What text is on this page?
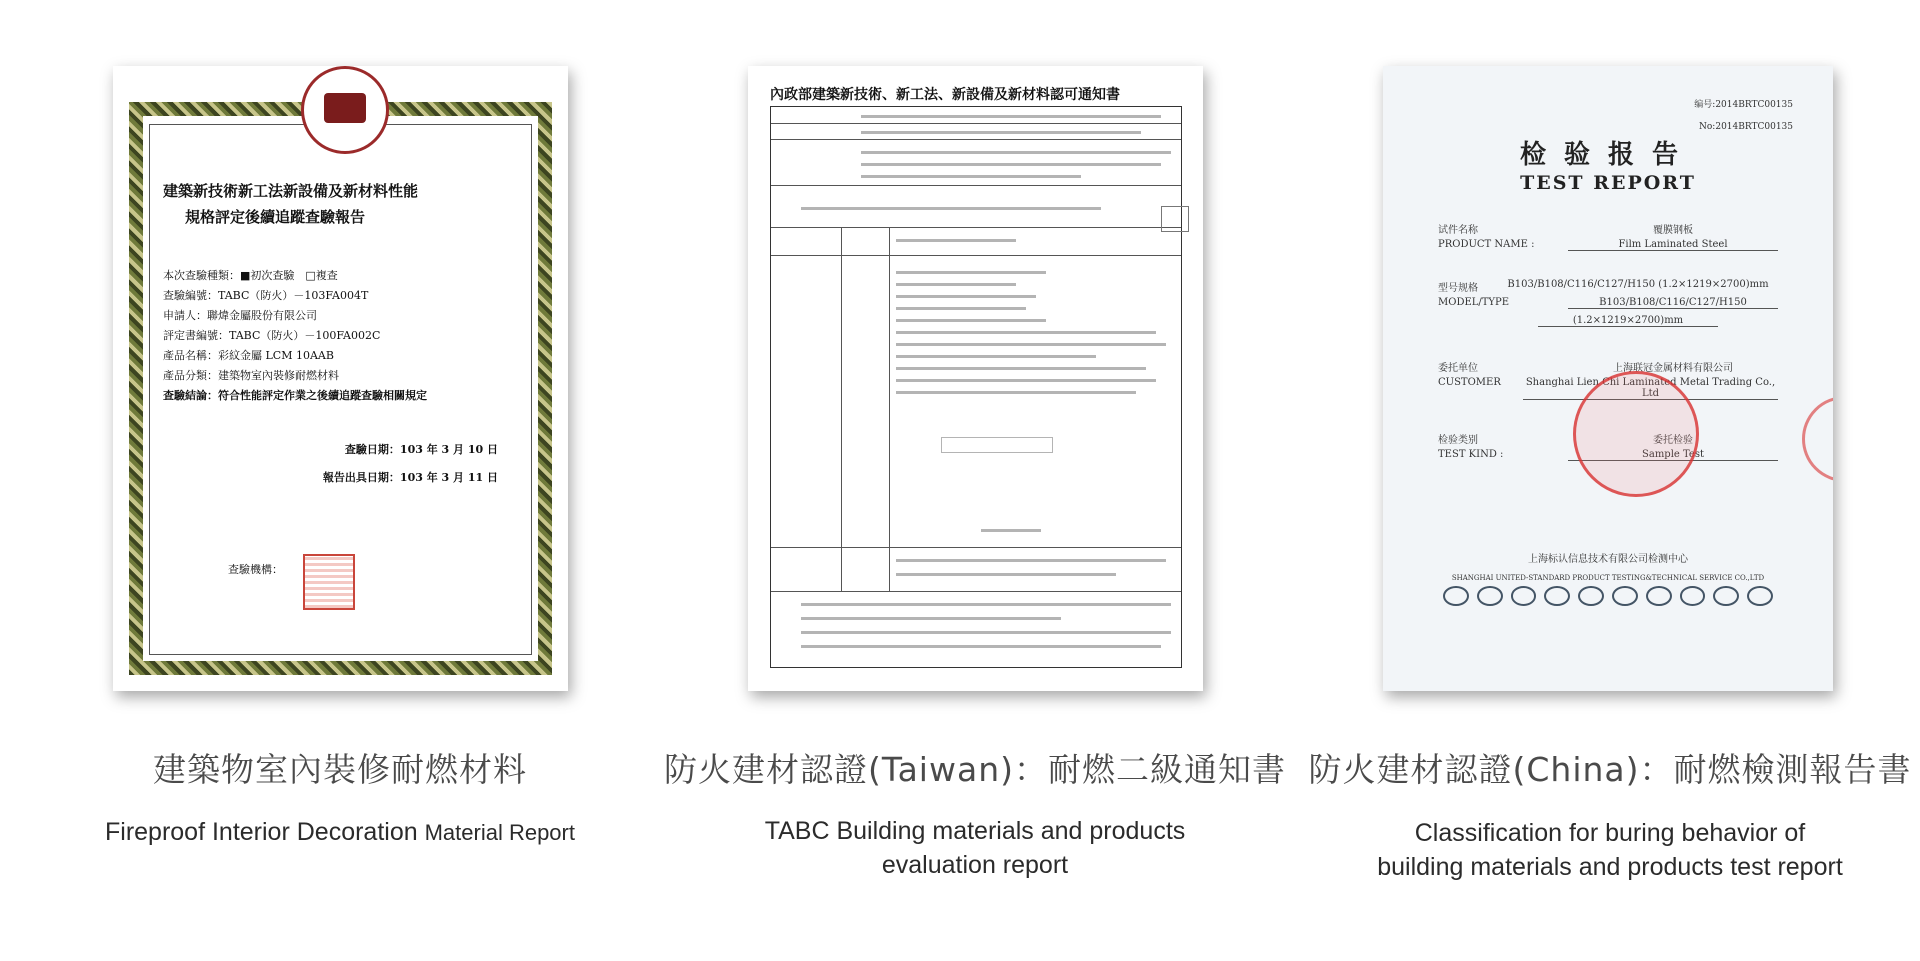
建築新技術新工法新設備及新材料性能
規格評定後續追蹤查驗報告
本次查驗種類：■初次查驗　□複查
查驗編號：TABC（防火）－103FA004T
申請人：聯煒金屬股份有限公司
評定書編號：TABC（防火）－100FA002C
產品名稱：彩紋金屬 LCM 10AAB
產品分類：建築物室內裝修耐燃材料
查驗結論：符合性能評定作業之後續追蹤查驗相關規定
查驗日期：103 年 3 月 10 日
報告出具日期：103 年 3 月 11 日
查驗機構：
建築物室內裝修耐燃材料
Fireproof Interior Decoration Material Report
內政部建築新技術、新工法、新設備及新材料認可通知書
防火建材認證(Taiwan)：耐燃二級通知書
TABC Building materials and products
evaluation report
编号:2014BRTC00135
No:2014BRTC00135
检验报告
TEST REPORT
试件名称	覆膜钢板
PRODUCT NAME :	Film Laminated Steel
型号规格	B103/B108/C116/C127/H150 (1.2×1219×2700)mm
MODEL/TYPE	B103/B108/C116/C127/H150
(1.2×1219×2700)mm
委托单位	上海联冠金属材料有限公司
CUSTOMER Shanghai Lien Chi Laminated Metal Trading Co., Ltd
检验类别	委托检验
TEST KIND :	Sample Test
上海标认信息技术有限公司检测中心
SHANGHAI UNITED-STANDARD PRODUCT TESTING&TECHNICAL SERVICE CO.,LTD
防火建材認證(China)：耐燃檢測報告書
Classification for buring behavior of
building materials and products test report
